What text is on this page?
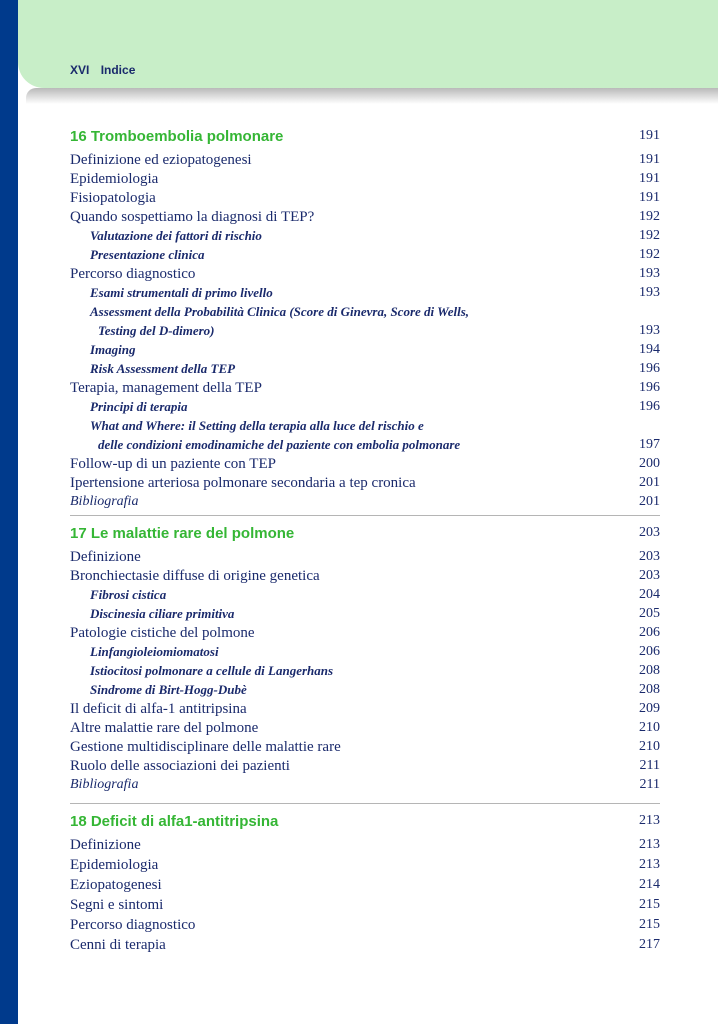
XVI Indice
16 Tromboembolia polmonare	191
Definizione ed eziopatogenesi	191
Epidemiologia	191
Fisiopatologia	191
Quando sospettiamo la diagnosi di TEP?	192
Valutazione dei fattori di rischio	192
Presentazione clinica	192
Percorso diagnostico	193
Esami strumentali di primo livello	193
Assessment della Probabilità Clinica (Score di Ginevra, Score di Wells,
Testing del D-dimero)	193
Imaging	194
Risk Assessment della TEP	196
Terapia, management della TEP	196
Principi di terapia	196
What and Where: il Setting della terapia alla luce del rischio e
delle condizioni emodinamiche del paziente con embolia polmonare	197
Follow-up di un paziente con TEP	200
Ipertensione arteriosa polmonare secondaria a tep cronica	201
Bibliografia	201
17 Le malattie rare del polmone	203
Definizione	203
Bronchiectasie diffuse di origine genetica	203
Fibrosi cistica	204
Discinesia ciliare primitiva	205
Patologie cistiche del polmone	206
Linfangioleiomiomatosi	206
Istiocitosi polmonare a cellule di Langerhans	208
Sindrome di Birt-Hogg-Dubè	208
Il deficit di alfa-1 antitripsina	209
Altre malattie rare del polmone	210
Gestione multidisciplinare delle malattie rare	210
Ruolo delle associazioni dei pazienti	211
Bibliografia	211
18 Deficit di alfa1-antitripsina	213
Definizione	213
Epidemiologia	213
Eziopatogenesi	214
Segni e sintomi	215
Percorso diagnostico	215
Cenni di terapia	217
